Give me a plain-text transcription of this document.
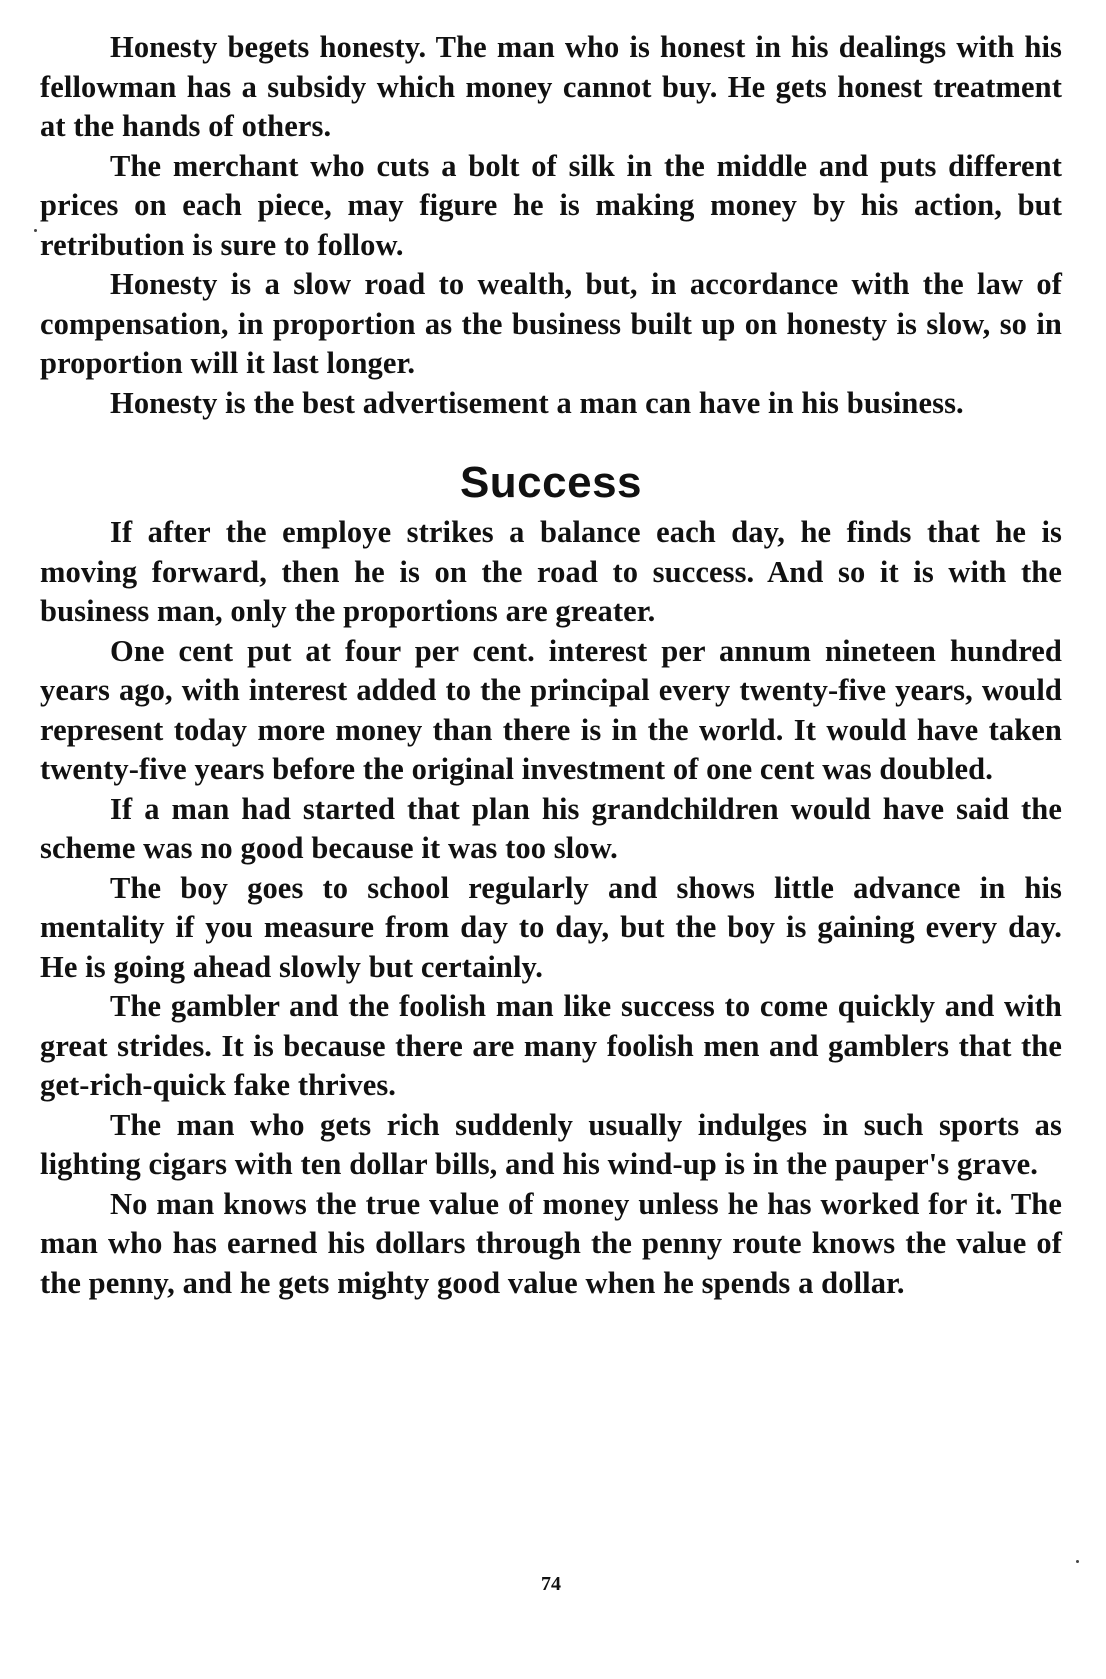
Honesty begets honesty. The man who is honest in his dealings with his fellowman has a subsidy which money cannot buy. He gets honest treatment at the hands of others.

The merchant who cuts a bolt of silk in the middle and puts different prices on each piece, may figure he is making money by his action, but retribution is sure to follow.

Honesty is a slow road to wealth, but, in accordance with the law of compensation, in proportion as the business built up on honesty is slow, so in proportion will it last longer.

Honesty is the best advertisement a man can have in his business.

Success

If after the employe strikes a balance each day, he finds that he is moving forward, then he is on the road to success. And so it is with the business man, only the proportions are greater.

One cent put at four per cent. interest per annum nineteen hundred years ago, with interest added to the principal every twenty-five years, would represent today more money than there is in the world. It would have taken twenty-five years before the original investment of one cent was doubled.

If a man had started that plan his grandchildren would have said the scheme was no good because it was too slow.

The boy goes to school regularly and shows little advance in his mentality if you measure from day to day, but the boy is gaining every day. He is going ahead slowly but certainly.

The gambler and the foolish man like success to come quickly and with great strides. It is because there are many foolish men and gamblers that the get-rich-quick fake thrives.

The man who gets rich suddenly usually indulges in such sports as lighting cigars with ten dollar bills, and his wind-up is in the pauper's grave.

No man knows the true value of money unless he has worked for it. The man who has earned his dollars through the penny route knows the value of the penny, and he gets mighty good value when he spends a dollar.

74
